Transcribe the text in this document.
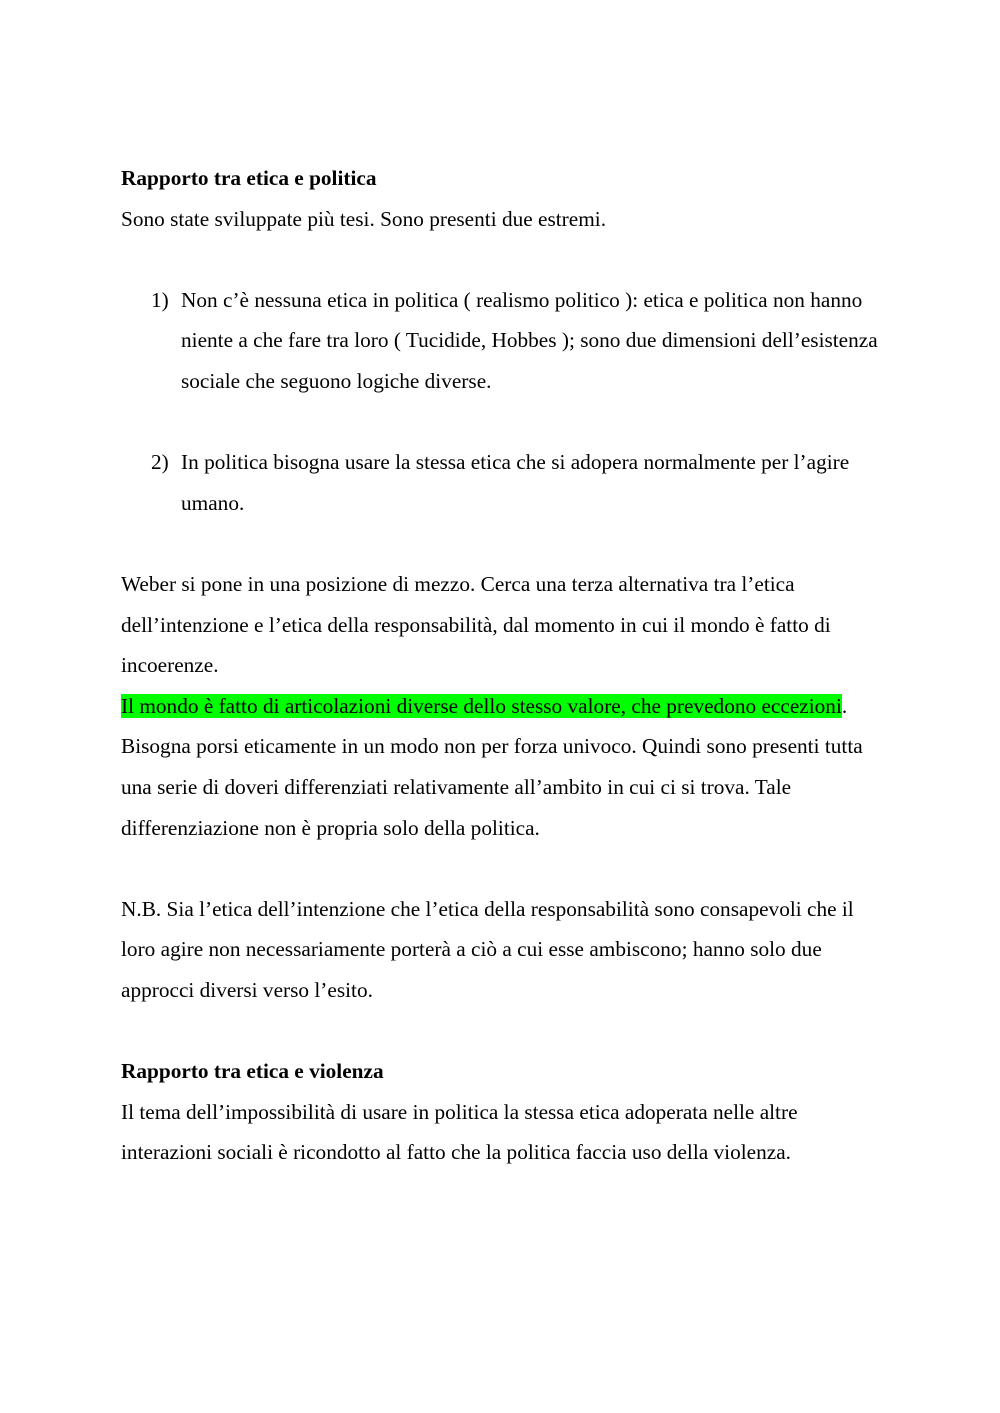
Rapporto tra etica e politica

Sono state sviluppate più tesi. Sono presenti due estremi.

1) Non c’è nessuna etica in politica ( realismo politico ): etica e politica non hanno niente a che fare tra loro ( Tucidide, Hobbes ); sono due dimensioni dell’esistenza sociale che seguono logiche diverse.
2) In politica bisogna usare la stessa etica che si adopera normalmente per l’agire umano.

Weber si pone in una posizione di mezzo. Cerca una terza alternativa tra l’etica dell’intenzione e l’etica della responsabilità, dal momento in cui il mondo è fatto di incoerenze.

Il mondo è fatto di articolazioni diverse dello stesso valore, che prevedono eccezioni. Bisogna porsi eticamente in un modo non per forza univoco. Quindi sono presenti tutta una serie di doveri differenziati relativamente all’ambito in cui ci si trova. Tale differenziazione non è propria solo della politica.

N.B. Sia l’etica dell’intenzione che l’etica della responsabilità sono consapevoli che il loro agire non necessariamente porterà a ciò a cui esse ambiscono; hanno solo due approcci diversi verso l’esito.

Rapporto tra etica e violenza

Il tema dell’impossibilità di usare in politica la stessa etica adoperata nelle altre interazioni sociali è ricondotto al fatto che la politica faccia uso della violenza.
